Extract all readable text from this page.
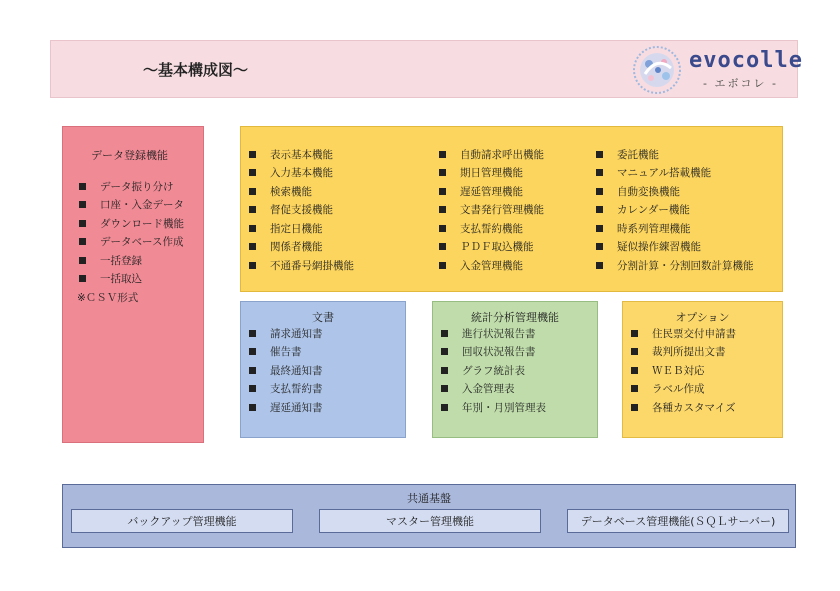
～基本構成図～	evocolle
- エボコレ -
データ登録機能
データ振り分け
口座・入金データ
ダウンロード機能
データベース作成
一括登録
一括取込
※ＣＳＶ形式
表示基本機能
入力基本機能
検索機能
督促支援機能
指定日機能
関係者機能
不通番号網掛機能
自動請求呼出機能
期日管理機能
遅延管理機能
文書発行管理機能
支払誓約機能
ＰＤＦ取込機能
入金管理機能
委託機能
マニュアル搭載機能
自動変換機能
カレンダー機能
時系列管理機能
疑似操作練習機能
分割計算・分割回数計算機能
文書
請求通知書
催告書
最終通知書
支払誓約書
遅延通知書
統計分析管理機能
進行状況報告書
回収状況報告書
グラフ統計表
入金管理表
年別・月別管理表
オプション
住民票交付申請書
裁判所提出文書
ＷＥＢ対応
ラベル作成
各種カスタマイズ
共通基盤
バックアップ管理機能	マスター管理機能	データベース管理機能(ＳＱＬサーバー)
